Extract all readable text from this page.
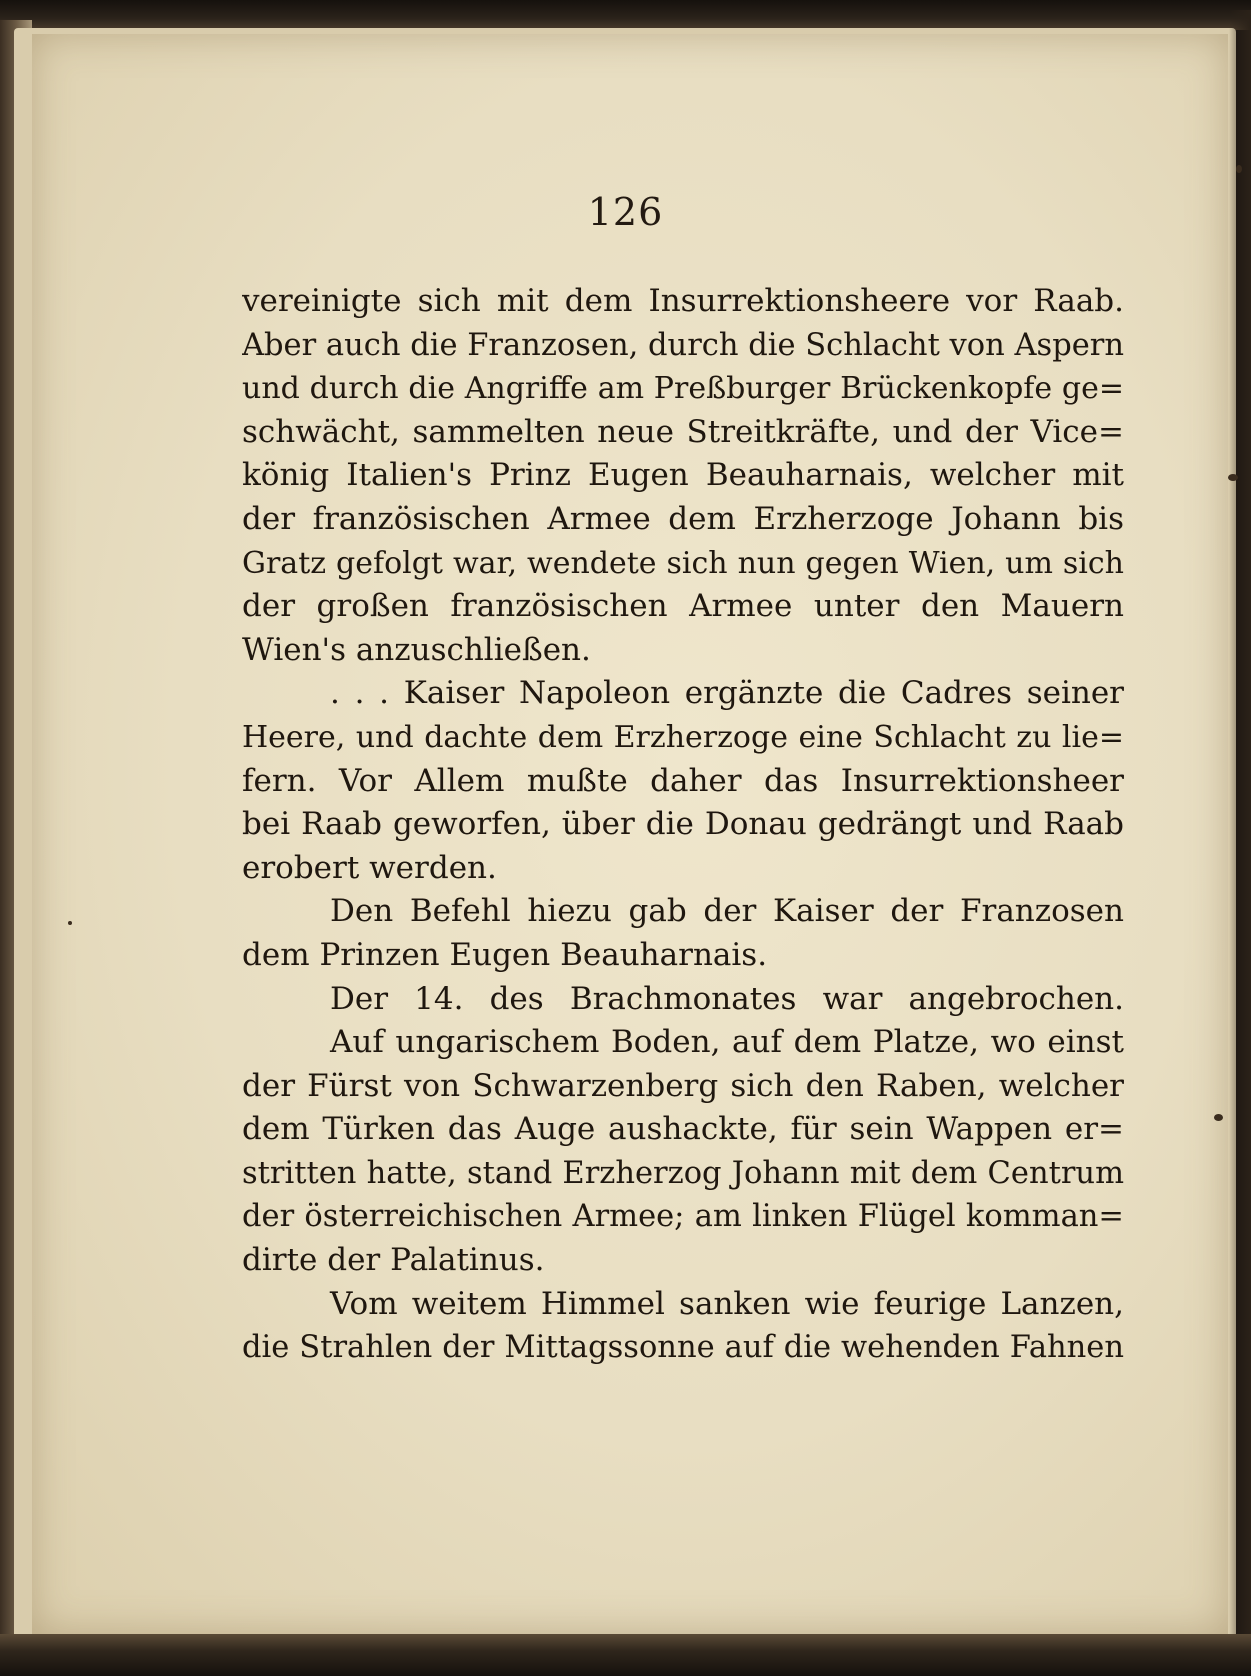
126
vereinigte sich mit dem Insurrektionsheere vor Raab.
Aber auch die Franzosen, durch die Schlacht von Aspern
und durch die Angriffe am Preßburger Brückenkopfe ge=
schwächt, sammelten neue Streitkräfte, und der Vice=
könig Italien's Prinz Eugen Beauharnais, welcher mit
der französischen Armee dem Erzherzoge Johann bis
Gratz gefolgt war, wendete sich nun gegen Wien, um sich
der großen französischen Armee unter den Mauern
Wien's anzuschließen.
. . . Kaiser Napoleon ergänzte die Cadres seiner
Heere, und dachte dem Erzherzoge eine Schlacht zu lie=
fern. Vor Allem mußte daher das Insurrektionsheer
bei Raab geworfen, über die Donau gedrängt und Raab
erobert werden.
Den Befehl hiezu gab der Kaiser der Franzosen
dem Prinzen Eugen Beauharnais.
Der 14. des Brachmonates war angebrochen.
Auf ungarischem Boden, auf dem Platze, wo einst
der Fürst von Schwarzenberg sich den Raben, welcher
dem Türken das Auge aushackte, für sein Wappen er=
stritten hatte, stand Erzherzog Johann mit dem Centrum
der österreichischen Armee; am linken Flügel komman=
dirte der Palatinus.
Vom weitem Himmel sanken wie feurige Lanzen,
die Strahlen der Mittagssonne auf die wehenden Fahnen
